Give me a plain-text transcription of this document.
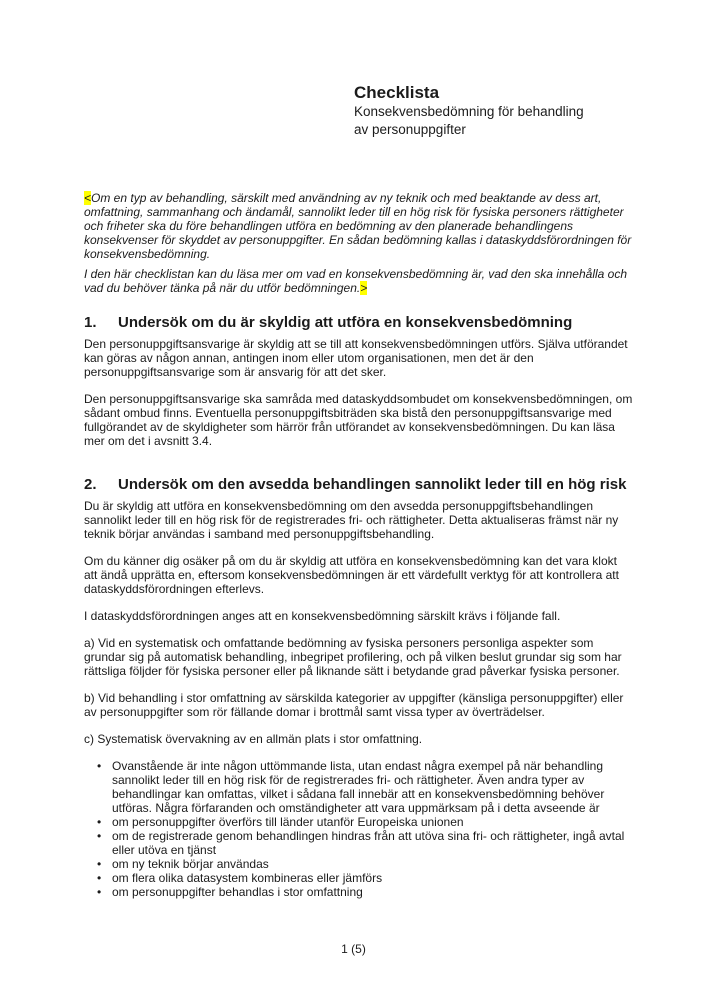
Checklista

Konsekvensbedömning för behandling

av personuppgifter

<Om en typ av behandling, särskilt med användning av ny teknik och med beaktande av dess art, omfattning, sammanhang och ändamål, sannolikt leder till en hög risk för fysiska personers rättigheter och friheter ska du före behandlingen utföra en bedömning av den planerade behandlingens konsekvenser för skyddet av personuppgifter. En sådan bedömning kallas i dataskyddsförordningen för konsekvensbedömning.

I den här checklistan kan du läsa mer om vad en konsekvensbedömning är, vad den ska innehålla och vad du behöver tänka på när du utför bedömningen.>

1.	Undersök om du är skyldig att utföra en konsekvensbedömning

Den personuppgiftsansvarige är skyldig att se till att konsekvensbedömningen utförs. Själva utförandet kan göras av någon annan, antingen inom eller utom organisationen, men det är den personuppgiftsansvarige som är ansvarig för att det sker.

Den personuppgiftsansvarige ska samråda med dataskyddsombudet om konsekvensbedömningen, om sådant ombud finns. Eventuella personuppgiftsbiträden ska bistå den personuppgiftsansvarige med fullgörandet av de skyldigheter som härrör från utförandet av konsekvensbedömningen. Du kan läsa mer om det i avsnitt 3.4.

2.	Undersök om den avsedda behandlingen sannolikt leder till en hög risk

Du är skyldig att utföra en konsekvensbedömning om den avsedda personuppgiftsbehandlingen sannolikt leder till en hög risk för de registrerades fri- och rättigheter. Detta aktualiseras främst när ny teknik börjar användas i samband med personuppgiftsbehandling.

Om du känner dig osäker på om du är skyldig att utföra en konsekvensbedömning kan det vara klokt att ändå upprätta en, eftersom konsekvensbedömningen är ett värdefullt verktyg för att kontrollera att dataskyddsförordningen efterlevs.

I dataskyddsförordningen anges att en konsekvensbedömning särskilt krävs i följande fall.

a) Vid en systematisk och omfattande bedömning av fysiska personers personliga aspekter som grundar sig på automatisk behandling, inbegripet profilering, och på vilken beslut grundar sig som har rättsliga följder för fysiska personer eller på liknande sätt i betydande grad påverkar fysiska personer.

b) Vid behandling i stor omfattning av särskilda kategorier av uppgifter (känsliga personuppgifter) eller av personuppgifter som rör fällande domar i brottmål samt vissa typer av överträdelser.

c) Systematisk övervakning av en allmän plats i stor omfattning.

• Ovanstående är inte någon uttömmande lista, utan endast några exempel på när behandling sannolikt leder till en hög risk för de registrerades fri- och rättigheter. Även andra typer av behandlingar kan omfattas, vilket i sådana fall innebär att en konsekvensbedömning behöver utföras. Några förfaranden och omständigheter att vara uppmärksam på i detta avseende är
• om personuppgifter överförs till länder utanför Europeiska unionen
• om de registrerade genom behandlingen hindras från att utöva sina fri- och rättigheter, ingå avtal eller utöva en tjänst
• om ny teknik börjar användas
• om flera olika datasystem kombineras eller jämförs
• om personuppgifter behandlas i stor omfattning
1 (5)
